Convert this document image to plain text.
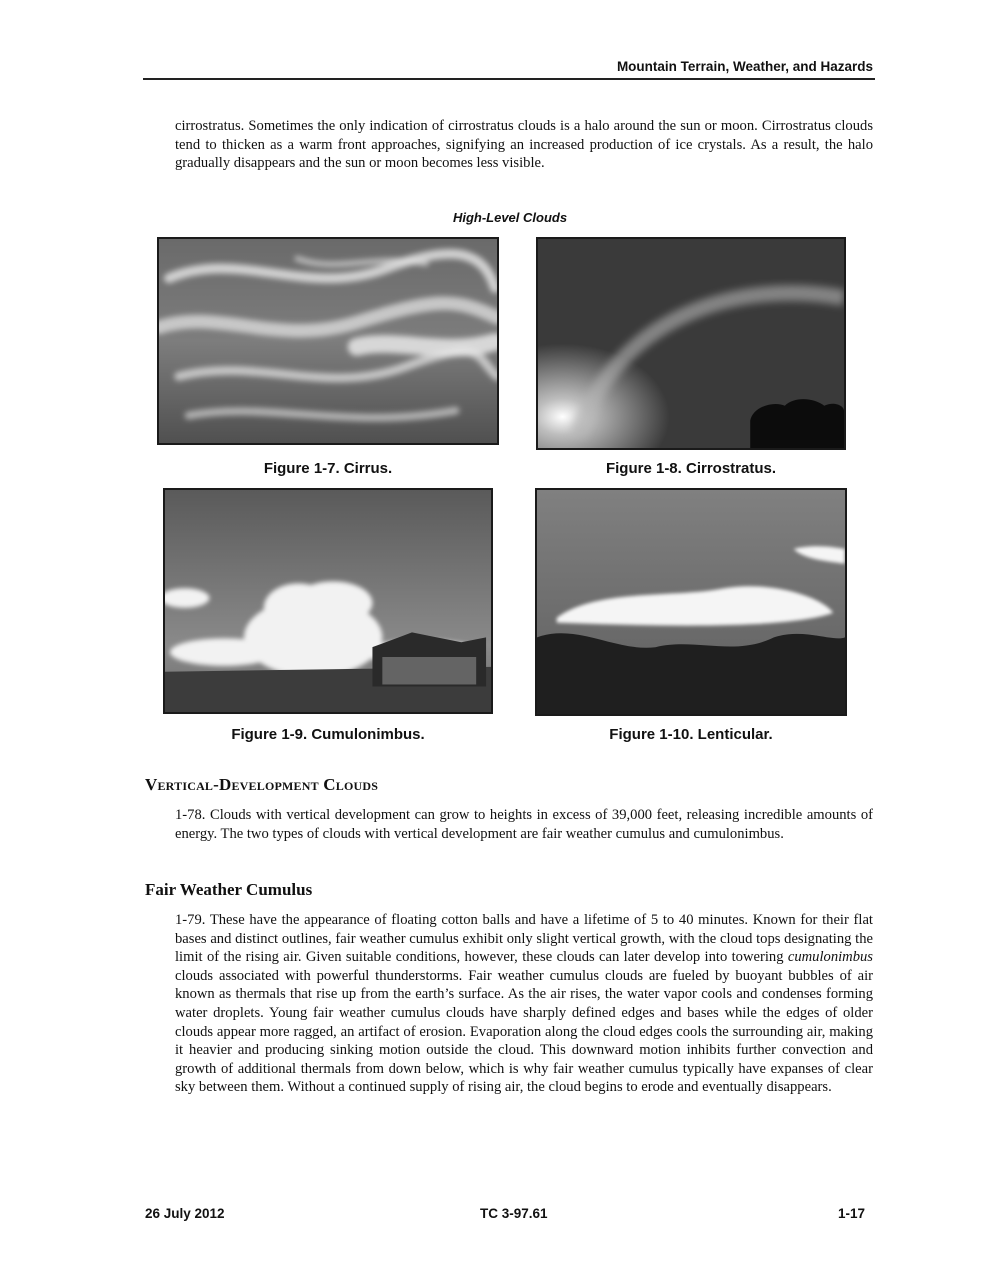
Mountain Terrain, Weather, and Hazards

cirrostratus. Sometimes the only indication of cirrostratus clouds is a halo around the sun or moon. Cirrostratus clouds tend to thicken as a warm front approaches, signifying an increased production of ice crystals. As a result, the halo gradually disappears and the sun or moon becomes less visible.

High-Level Clouds
Figure 1-7. Cirrus.	Figure 1-8. Cirrostratus.
Figure 1-9. Cumulonimbus.	Figure 1-10. Lenticular.
Vertical-Development Clouds

1-78. Clouds with vertical development can grow to heights in excess of 39,000 feet, releasing incredible amounts of energy. The two types of clouds with vertical development are fair weather cumulus and cumulonimbus.

Fair Weather Cumulus

1-79. These have the appearance of floating cotton balls and have a lifetime of 5 to 40 minutes. Known for their flat bases and distinct outlines, fair weather cumulus exhibit only slight vertical growth, with the cloud tops designating the limit of the rising air. Given suitable conditions, however, these clouds can later develop into towering cumulonimbus clouds associated with powerful thunderstorms. Fair weather cumulus clouds are fueled by buoyant bubbles of air known as thermals that rise up from the earth’s surface. As the air rises, the water vapor cools and condenses forming water droplets. Young fair weather cumulus clouds have sharply defined edges and bases while the edges of older clouds appear more ragged, an artifact of erosion. Evaporation along the cloud edges cools the surrounding air, making it heavier and producing sinking motion outside the cloud. This downward motion inhibits further convection and growth of additional thermals from down below, which is why fair weather cumulus typically have expanses of clear sky between them. Without a continued supply of rising air, the cloud begins to erode and eventually disappears.

26 July 2012	TC 3-97.61	1-17
